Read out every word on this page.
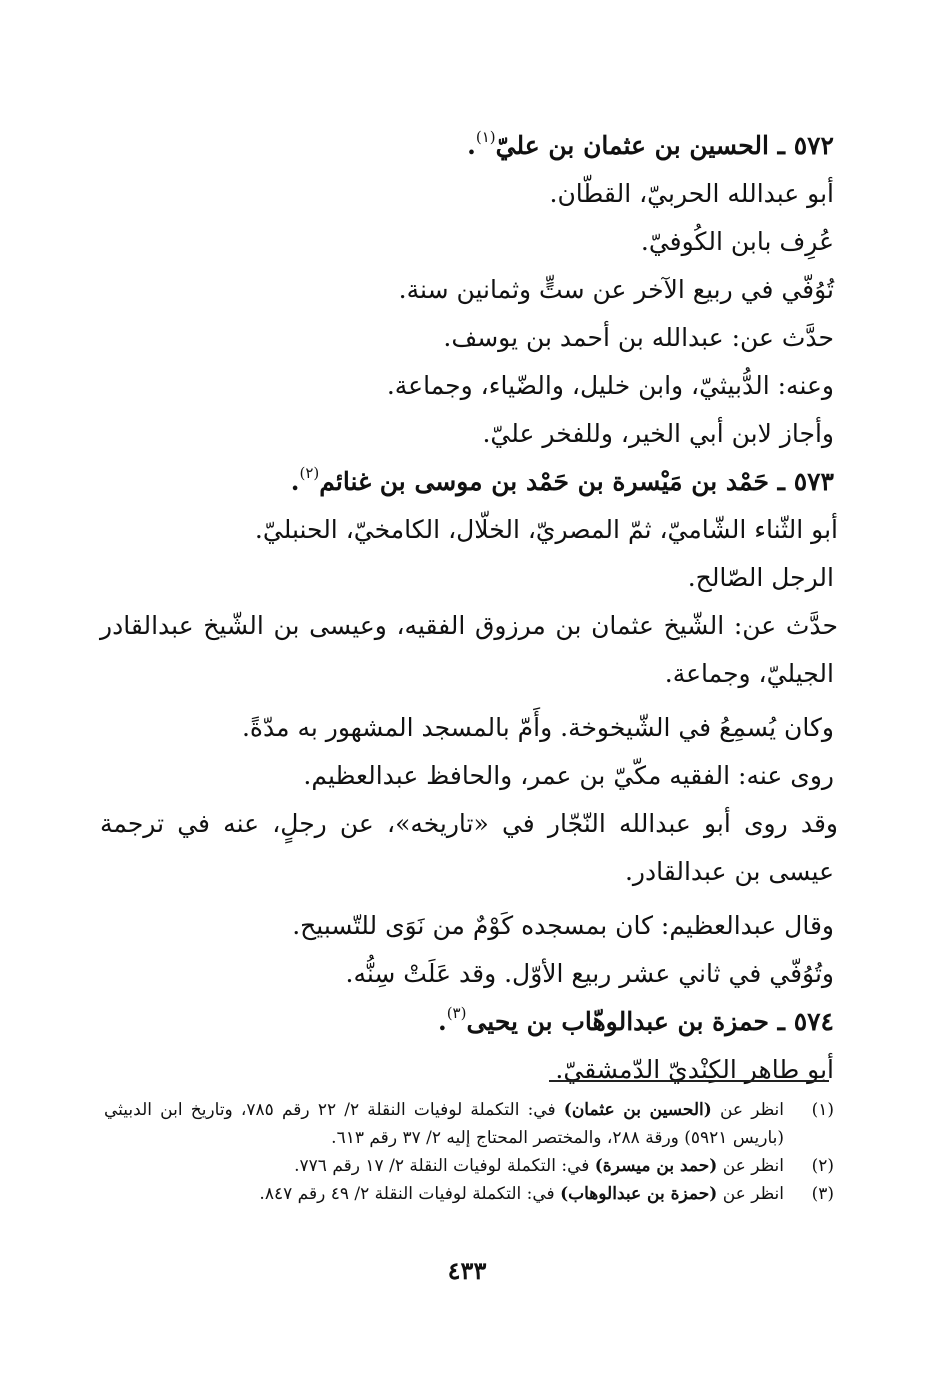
٥٧٢ ـ الحسين بن عثمان بن عليّ$^{(١)}$.
أبو عبدالله الحربيّ، القطّان.
عُرِف بابن الكُوفيّ.
تُوُفّي في ربيع الآخر عن ستٍّ وثمانين سنة.
حدَّث عن: عبدالله بن أحمد بن يوسف.
وعنه: الدُّبيثيّ، وابن خليل، والضّياء، وجماعة.
وأجاز لابن أبي الخير، وللفخر عليّ.
٥٧٣ ـ حَمْد بن مَيْسرة بن حَمْد بن موسى بن غنائم$^{(٢)}$.
أبو الثّناء الشّاميّ، ثمّ المصريّ، الخلّال، الكامخيّ، الحنبليّ.
الرجل الصّالح.
حدَّث عن: الشّيخ عثمان بن مرزوق الفقيه، وعيسى بن الشّيخ عبدالقادر
الجيليّ، وجماعة.
وكان يُسمِعُ في الشّيخوخة. وأَمّ بالمسجد المشهور به مدّةً.
روى عنه: الفقيه مكّيّ بن عمر، والحافظ عبدالعظيم.
وقد روى أبو عبدالله النّجّار في «تاريخه»، عن رجلٍ، عنه في ترجمة
عيسى بن عبدالقادر.
وقال عبدالعظيم: كان بمسجده كَوْمٌ من نَوَى للتّسبيح.
وتُوُفّي في ثاني عشر ربيع الأوّل. وقد عَلَتْ سِنُّه.
٥٧٤ ـ حمزة بن عبدالوهّاب بن يحيى$^{(٣)}$.
أبو طاهر الكِنْديّ الدّمشقيّ.
(١)
انظر عن (الحسين بن عثمان) في: التكملة لوفيات النقلة ٢/ ٢٢ رقم ٧٨٥، وتاريخ ابن الدبيثي (باريس ٥٩٢١) ورقة ٢٨٨، والمختصر المحتاج إليه ٢/ ٣٧ رقم ٦١٣.
(٢)
انظر عن (حمد بن ميسرة) في: التكملة لوفيات النقلة ٢/ ١٧ رقم ٧٧٦.
(٣)
انظر عن (حمزة بن عبدالوهاب) في: التكملة لوفيات النقلة ٢/ ٤٩ رقم ٨٤٧.
٤٣٣
